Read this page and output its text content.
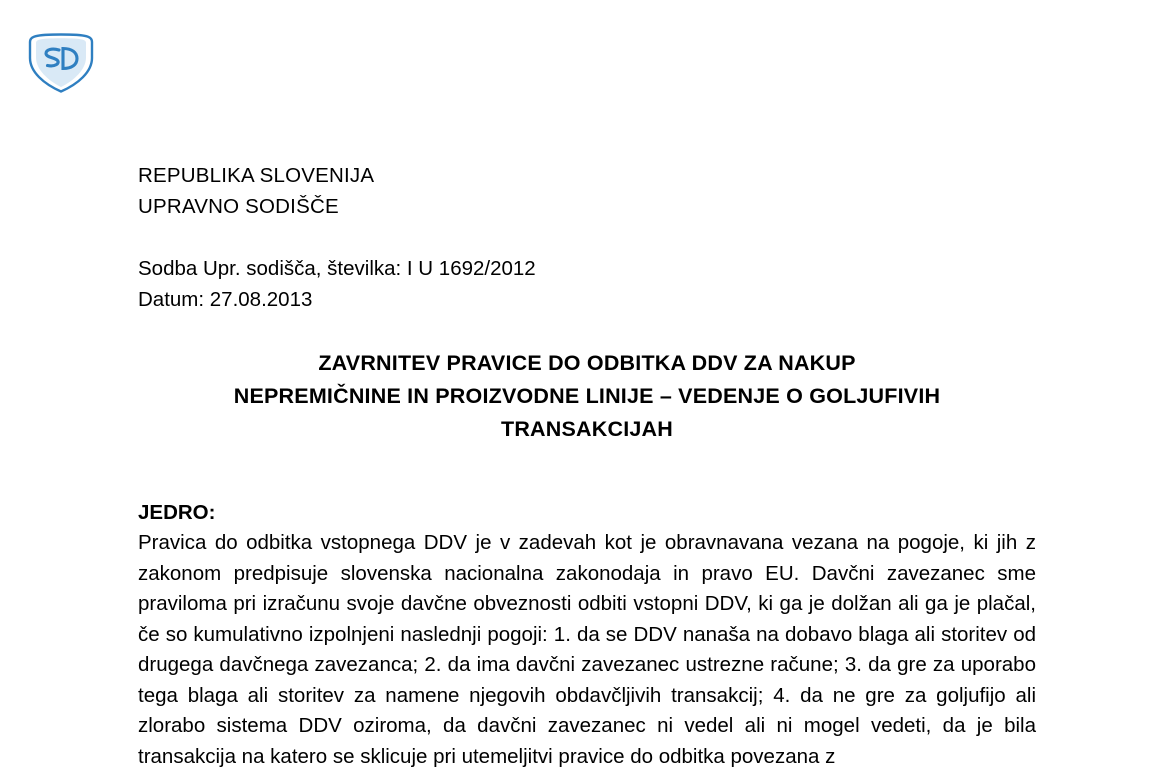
REPUBLIKA SLOVENIJA
UPRAVNO SODIŠČE
Sodba Upr. sodišča, številka: I U 1692/2012
Datum: 27.08.2013
ZAVRNITEV PRAVICE DO ODBITKA DDV ZA NAKUP
NEPREMIČNINE IN PROIZVODNE LINIJE – VEDENJE O GOLJUFIVIH
TRANSAKCIJAH
JEDRO:

Pravica do odbitka vstopnega DDV je v zadevah kot je obravnavana vezana na pogoje, ki jih z zakonom predpisuje slovenska nacionalna zakonodaja in pravo EU. Davčni zavezanec sme praviloma pri izračunu svoje davčne obveznosti odbiti vstopni DDV, ki ga je dolžan ali ga je plačal, če so kumulativno izpolnjeni naslednji pogoji: 1. da se DDV nanaša na dobavo blaga ali storitev od drugega davčnega zavezanca; 2. da ima davčni zavezanec ustrezne račune; 3. da gre za uporabo tega blaga ali storitev za namene njegovih obdavčljivih transakcij; 4. da ne gre za goljufijo ali zlorabo sistema DDV oziroma, da davčni zavezanec ni vedel ali ni mogel vedeti, da je bila transakcija na katero se sklicuje pri utemeljitvi pravice do odbitka povezana z
